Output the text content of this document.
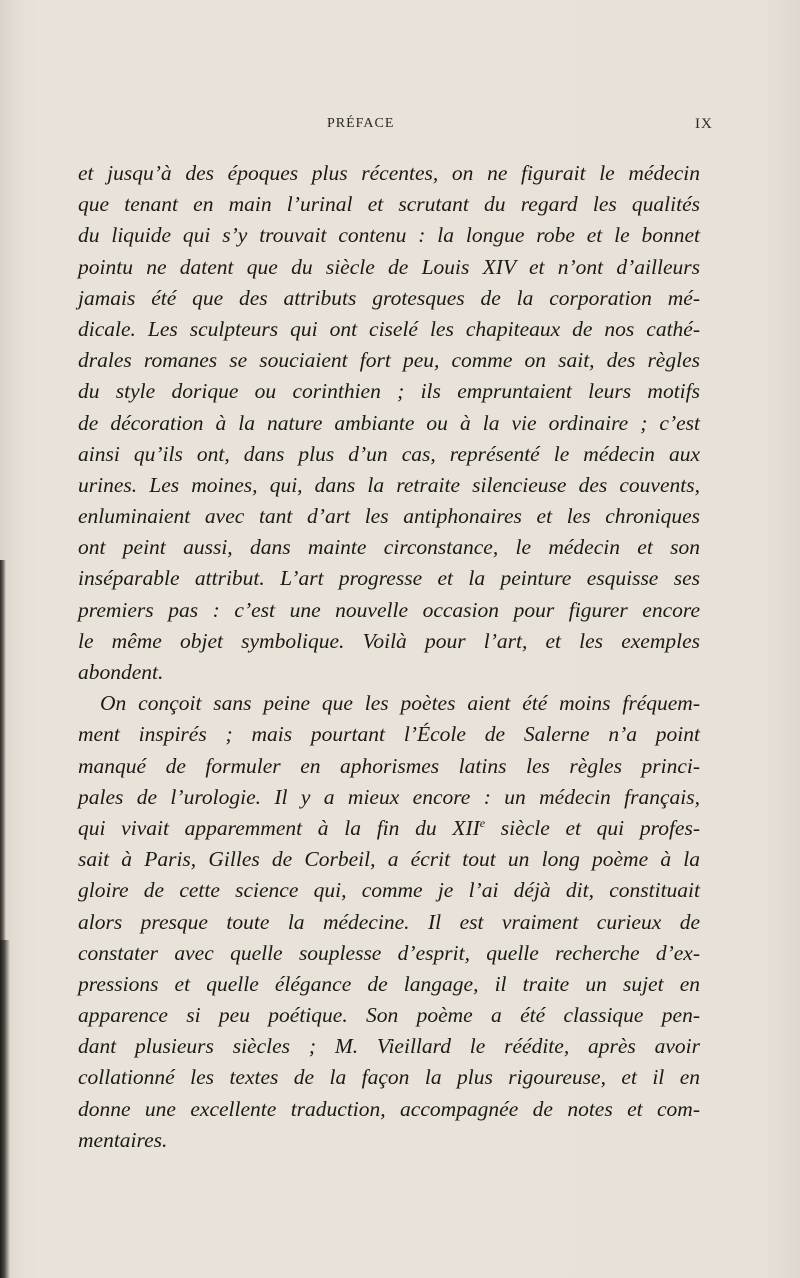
PRÉFACE	IX
et jusqu’à des époques plus récentes, on ne figurait le médecin
que tenant en main l’urinal et scrutant du regard les qualités
du liquide qui s’y trouvait contenu : la longue robe et le bonnet
pointu ne datent que du siècle de Louis XIV et n’ont d’ailleurs
jamais été que des attributs grotesques de la corporation mé-
dicale. Les sculpteurs qui ont ciselé les chapiteaux de nos cathé-
drales romanes se souciaient fort peu, comme on sait, des règles
du style dorique ou corinthien ; ils empruntaient leurs motifs
de décoration à la nature ambiante ou à la vie ordinaire ; c’est
ainsi qu’ils ont, dans plus d’un cas, représenté le médecin aux
urines. Les moines, qui, dans la retraite silencieuse des couvents,
enluminaient avec tant d’art les antiphonaires et les chroniques
ont peint aussi, dans mainte circonstance, le médecin et son
inséparable attribut. L’art progresse et la peinture esquisse ses
premiers pas : c’est une nouvelle occasion pour figurer encore
le même objet symbolique. Voilà pour l’art, et les exemples
abondent.
On conçoit sans peine que les poètes aient été moins fréquem-
ment inspirés ; mais pourtant l’École de Salerne n’a point
manqué de formuler en aphorismes latins les règles princi-
pales de l’urologie. Il y a mieux encore : un médecin français,
qui vivait apparemment à la fin du XIIe siècle et qui profes-
sait à Paris, Gilles de Corbeil, a écrit tout un long poème à la
gloire de cette science qui, comme je l’ai déjà dit, constituait
alors presque toute la médecine. Il est vraiment curieux de
constater avec quelle souplesse d’esprit, quelle recherche d’ex-
pressions et quelle élégance de langage, il traite un sujet en
apparence si peu poétique. Son poème a été classique pen-
dant plusieurs siècles ; M. Vieillard le réédite, après avoir
collationné les textes de la façon la plus rigoureuse, et il en
donne une excellente traduction, accompagnée de notes et com-
mentaires.
